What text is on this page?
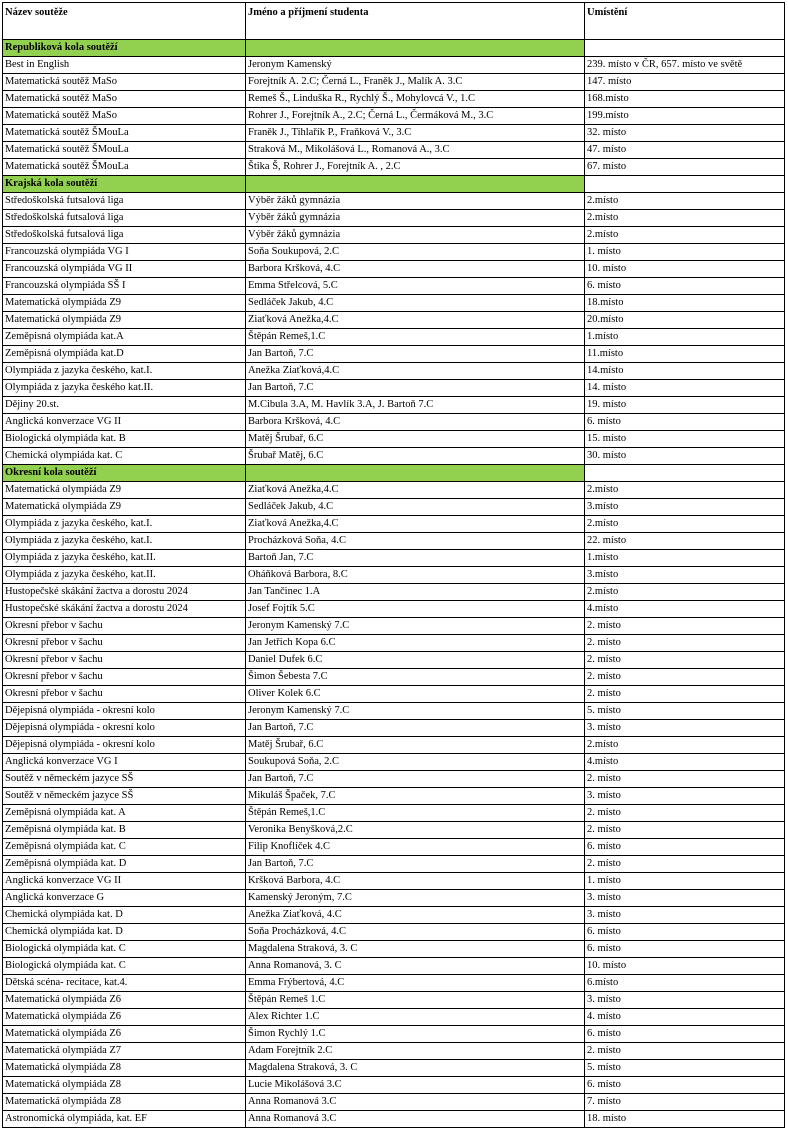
Název soutěže	Jméno a příjmení studenta	Umístění
Republiková kola soutěží		
Best in English	Jeronym Kamenský	239. místo v ČR, 657. místo ve světě
Matematická soutěž MaSo	Forejtník A. 2.C; Černá L., Franěk J., Malík A. 3.C	147. místo
Matematická soutěž MaSo	Remeš Š., Linduška R., Rychlý Š., Mohylovcá V., 1.C	168.místo
Matematická soutěž MaSo	Rohrer J., Forejtník A., 2.C; Černá L., Čermáková M., 3.C	199.místo
Matematická soutěž ŠMouLa	Franěk J., Tihlařík P., Fraňková V., 3.C	32. místo
Matematická soutěž ŠMouLa	Straková M., Mikolášová L., Romanová A., 3.C	47. místo
Matematická soutěž ŠMouLa	Štika Š, Rohrer J., Forejtník A. , 2.C	67. místo
Krajská kola soutěží		
Středoškolská futsalová liga	Výběr žáků gymnázia	2.místo
Středoškolská futsalová liga	Výběr žáků gymnázia	2.místo
Středoškolská futsalová liga	Výběr žáků gymnázia	2.místo
Francouzská olympiáda VG I	Soňa Soukupová, 2.C	1. místo
Francouzská olympiáda VG II	Barbora Kršková, 4.C	10. místo
Francouzská olympiáda SŠ I	Emma Střelcová, 5.C	6. místo
Matematická olympiáda Z9	Sedláček Jakub, 4.C	18.místo
Matematická olympiáda Z9	Ziaťková Anežka,4.C	20.místo
Zeměpisná olympiáda kat.A	Štěpán Remeš,1.C	1.místo
Zeměpisná olympiáda kat.D	Jan Bartoň, 7.C	11.místo
Olympiáda z jazyka českého, kat.I.	Anežka Ziaťková,4.C	14.místo
Olympiáda z jazyka českého kat.II.	Jan Bartoň, 7.C	14. místo
Dějiny 20.st.	M.Cibula 3.A, M. Havlík 3.A, J. Bartoň 7.C	19. místo
Anglická konverzace VG II	Barbora Kršková, 4.C	6. místo
Biologická olympiáda kat. B	Matěj Šrubař, 6.C	15. místo
Chemická olympiáda kat. C	Šrubař Matěj, 6.C	30. místo
Okresní kola soutěží		
Matematická olympiáda Z9	Ziaťková Anežka,4.C	2.místo
Matematická olympiáda Z9	Sedláček Jakub, 4.C	3.místo
Olympiáda z jazyka českého, kat.I.	Ziaťková Anežka,4.C	2.místo
Olympiáda z jazyka českého, kat.I.	Procházková Soňa, 4.C	22. místo
Olympiáda z jazyka českého, kat.II.	Bartoň Jan, 7.C	1.místo
Olympiáda z jazyka českého, kat.II.	Oháňková Barbora, 8.C	3.místo
Hustopečské skákání žactva a dorostu 2024	Jan Tančinec 1.A	2.místo
Hustopečské skákání žactva a dorostu 2024	Josef Fojtík 5.C	4.místo
Okresní přebor v šachu	Jeronym Kamenský 7.C	2. místo
Okresní přebor v šachu	Jan Jetřich Kopa 6.C	2. místo
Okresní přebor v šachu	Daniel Dufek 6.C	2. místo
Okresní přebor v šachu	Šimon Šebesta 7.C	2. místo
Okresní přebor v šachu	Oliver Kolek 6.C	2. místo
Dějepisná olympiáda - okresní kolo	Jeronym Kamenský 7.C	5. místo
Dějepisná olympiáda - okresní kolo	Jan Bartoň, 7.C	3. místo
Dějepisná olympiáda - okresní kolo	Matěj Šrubař, 6.C	2.místo
Anglická konverzace VG I	Soukupová Soňa, 2.C	4.místo
Soutěž v německém jazyce SŠ	Jan Bartoň, 7.C	2. místo
Soutěž v německém jazyce SŠ	Mikuláš Špaček, 7.C	3. místo
Zeměpisná olympiáda kat. A	Štěpán Remeš,1.C	2. místo
Zeměpisná olympiáda kat. B	Veronika Benyšková,2.C	2. místo
Zeměpisná olympiáda kat. C	Filip Knoflíček 4.C	6. místo
Zeměpisná olympiáda kat. D	Jan Bartoň, 7.C	2. místo
Anglická konverzace VG II	Kršková Barbora, 4.C	1. místo
Anglická konverzace G	Kamenský Jeroným, 7.C	3. místo
Chemická olympiáda kat. D	Anežka Ziaťková, 4.C	3. místo
Chemická olympiáda kat. D	Soňa Procházková, 4.C	6. místo
Biologická olympiáda kat. C	Magdalena Straková, 3. C	6. místo
Biologická olympiáda kat. C	Anna Romanová, 3. C	10. místo
Dětská scéna- recitace, kat.4.	Emma Frýbertová, 4.C	6.místo
Matematická olympiáda Z6	Štěpán Remeš 1.C	3. místo
Matematická olympiáda Z6	Alex Richter 1.C	4. místo
Matematická olympiáda Z6	Šimon Rychlý 1.C	6. místo
Matematická olympiáda Z7	Adam Forejtník 2.C	2. místo
Matematická olympiáda Z8	Magdalena Straková, 3. C	5. místo
Matematická olympiáda Z8	Lucie Mikolášová 3.C	6. místo
Matematická olympiáda Z8	Anna Romanová 3.C	7. místo
Astronomická olympiáda, kat. EF	Anna Romanová 3.C	18. místo
